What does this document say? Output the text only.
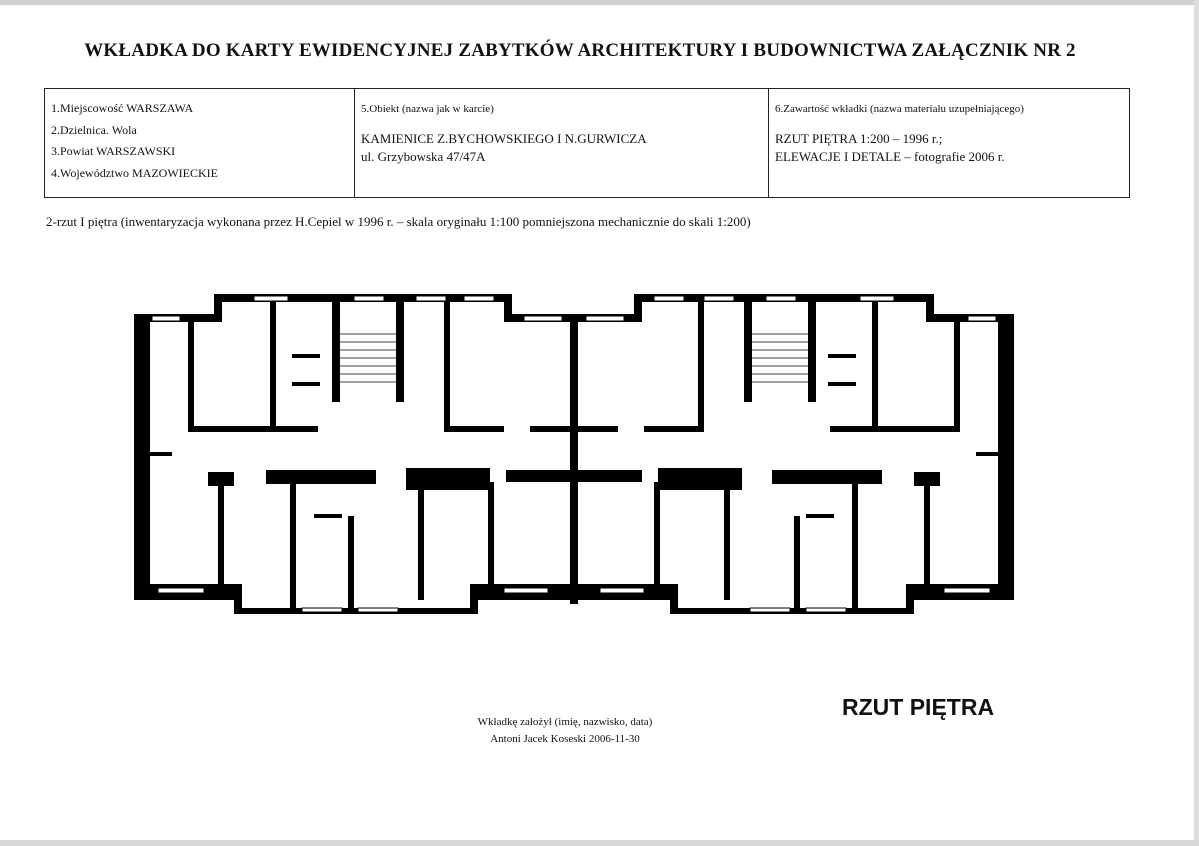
WKŁADKA DO KARTY EWIDENCYJNEJ ZABYTKÓW ARCHITEKTURY I BUDOWNICTWA ZAŁĄCZNIK NR 2
1.Miejscowość WARSZAWA
2.Dzielnica. Wola
3.Powiat WARSZAWSKI
4.Województwo MAZOWIECKIE
5.Obiekt (nazwa jak w karcie)
KAMIENICE Z.BYCHOWSKIEGO I N.GURWICZA
ul. Grzybowska 47/47A
6.Zawartość wkładki (nazwa materiału uzupełniającego)
RZUT PIĘTRA 1:200 – 1996 r.;
ELEWACJE I DETALE – fotografie 2006 r.
2-rzut I piętra (inwentaryzacja wykonana przez H.Cepiel w 1996 r. – skala oryginału 1:100 pomniejszona mechanicznie do skali 1:200)
Wkładkę założył (imię, nazwisko, data)
Antoni Jacek Koseski 2006-11-30
RZUT PIĘTRA
